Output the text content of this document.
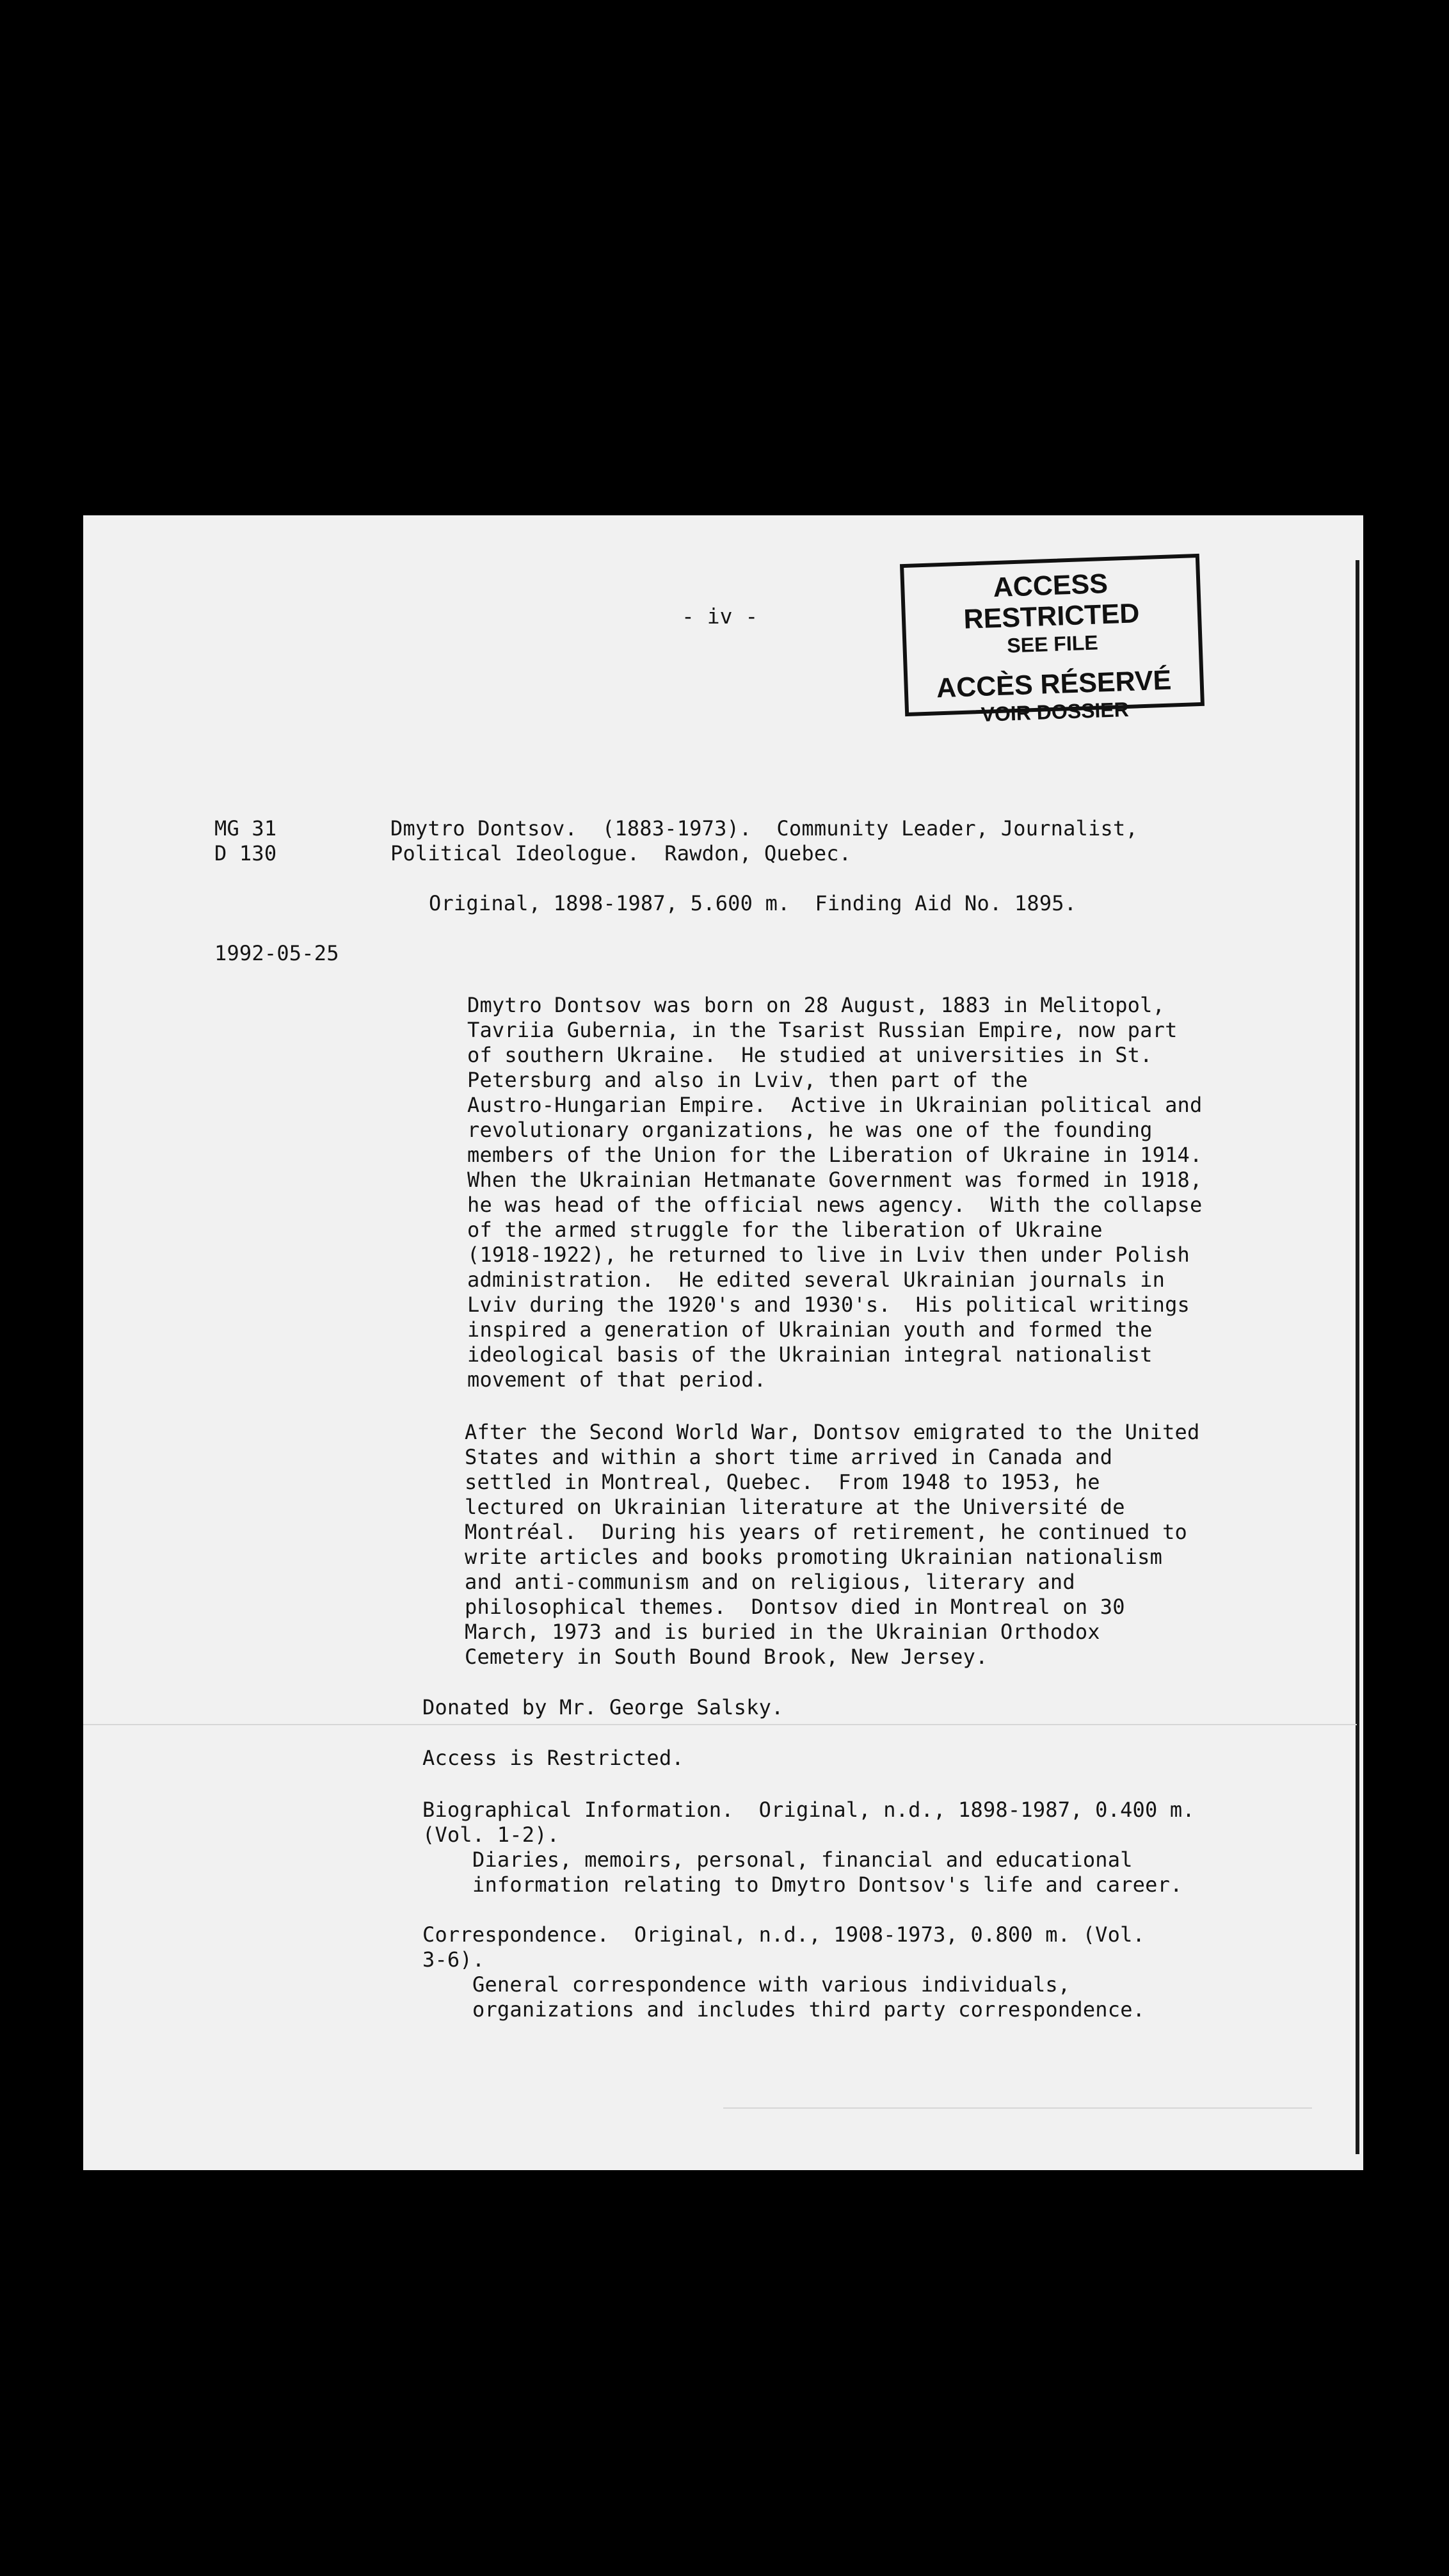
- iv -
ACCESS RESTRICTED
SEE FILE
ACCÈS RÉSERVÉ
VOIR DOSSIER
MG 31
D 130
Dmytro Dontsov.  (1883-1973).  Community Leader, Journalist,
Political Ideologue.  Rawdon, Quebec.
Original, 1898-1987, 5.600 m.  Finding Aid No. 1895.
1992-05-25
Dmytro Dontsov was born on 28 August, 1883 in Melitopol,
Tavriia Gubernia, in the Tsarist Russian Empire, now part
of southern Ukraine.  He studied at universities in St.
Petersburg and also in Lviv, then part of the
Austro-Hungarian Empire.  Active in Ukrainian political and
revolutionary organizations, he was one of the founding
members of the Union for the Liberation of Ukraine in 1914.
When the Ukrainian Hetmanate Government was formed in 1918,
he was head of the official news agency.  With the collapse
of the armed struggle for the liberation of Ukraine
(1918-1922), he returned to live in Lviv then under Polish
administration.  He edited several Ukrainian journals in
Lviv during the 1920's and 1930's.  His political writings
inspired a generation of Ukrainian youth and formed the
ideological basis of the Ukrainian integral nationalist
movement of that period.
After the Second World War, Dontsov emigrated to the United
States and within a short time arrived in Canada and
settled in Montreal, Quebec.  From 1948 to 1953, he
lectured on Ukrainian literature at the Université de
Montréal.  During his years of retirement, he continued to
write articles and books promoting Ukrainian nationalism
and anti-communism and on religious, literary and
philosophical themes.  Dontsov died in Montreal on 30
March, 1973 and is buried in the Ukrainian Orthodox
Cemetery in South Bound Brook, New Jersey.
Donated by Mr. George Salsky.
Access is Restricted.
Biographical Information.  Original, n.d., 1898-1987, 0.400 m.
(Vol. 1-2).
Diaries, memoirs, personal, financial and educational
information relating to Dmytro Dontsov's life and career.
Correspondence.  Original, n.d., 1908-1973, 0.800 m. (Vol.
3-6).
General correspondence with various individuals,
organizations and includes third party correspondence.
